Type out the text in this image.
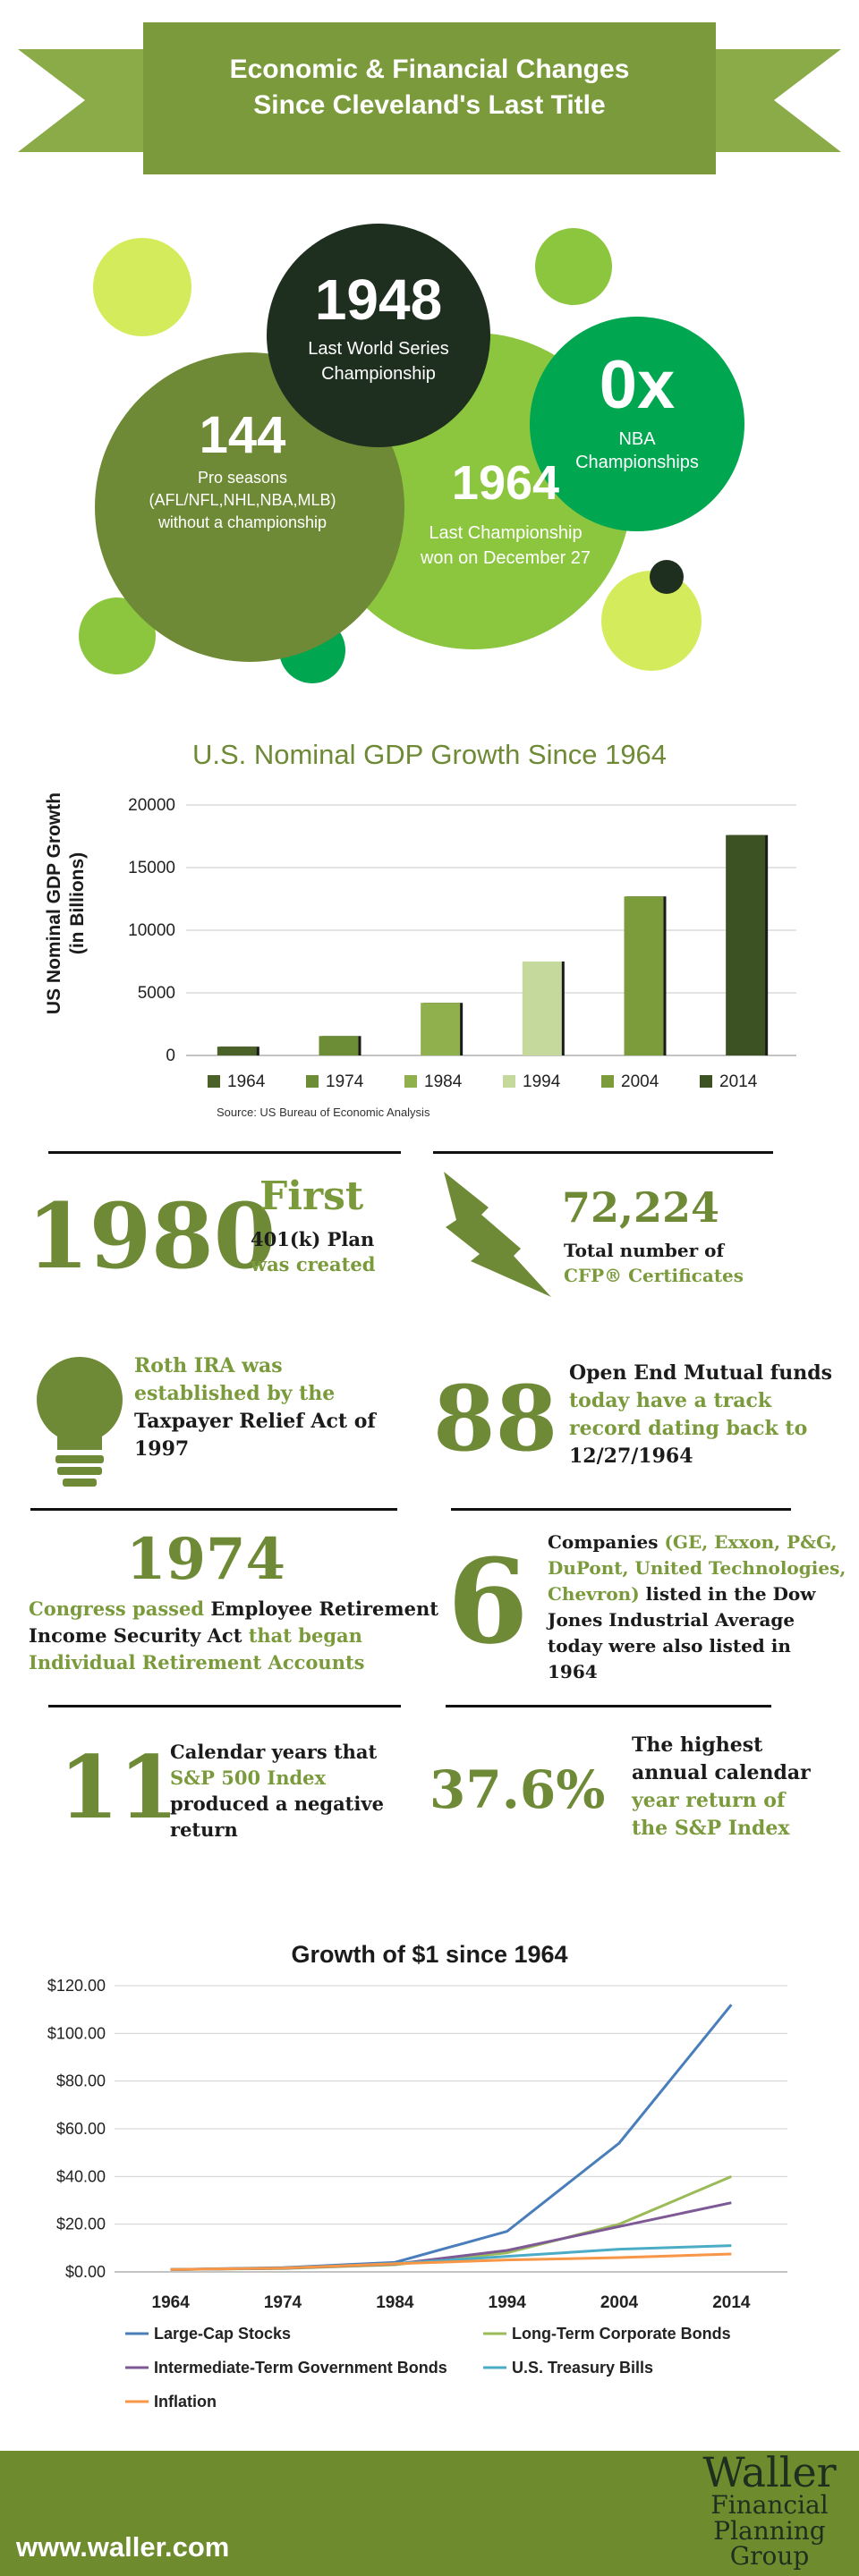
Economic & Financial Changes
Since Cleveland's Last Title
1948
Last World Series
Championship	0x
NBA
Championships
144
Pro seasons
(AFL/NFL,NHL,NBA,MLB)
without a championship
1964
Last Championship
won on December 27
U.S. Nominal GDP Growth Since 1964
US Nominal GDP Growth (in Billions)
0
5000
10000
15000
20000
1964	1974	1984	1994	2004	2014
Source: US Bureau of Economic Analysis
1980
First
401(k) Plan
was created
72,224
Total number of
CFP® Certificates
Roth IRA was
established by the
Taxpayer Relief Act of
1997	88 Open End Mutual funds
today have a track
record dating back to
12/27/1964
1974
Congress passed Employee Retirement
Income Security Act that began
Individual Retirement Accounts 6 Companies (GE, Exxon, P&G,
DuPont, United Technologies,
Chevron) listed in the Dow
Jones Industrial Average
today were also listed in
1964
11
Calendar years that
S&P 500 Index
produced a negative
return
37.6%
The highest
annual calendar
year return of
the S&P Index
Growth of $1 since 1964
$0.00
$20.00
$40.00
$60.00
$80.00
$100.00
$120.00
1964	1974	1984	1994	2004	2014
Large-Cap Stocks	Long-Term Corporate Bonds
Intermediate-Term Government Bonds	U.S. Treasury Bills
Inflation
www.waller.com
Waller
Financial
Planning
Group
